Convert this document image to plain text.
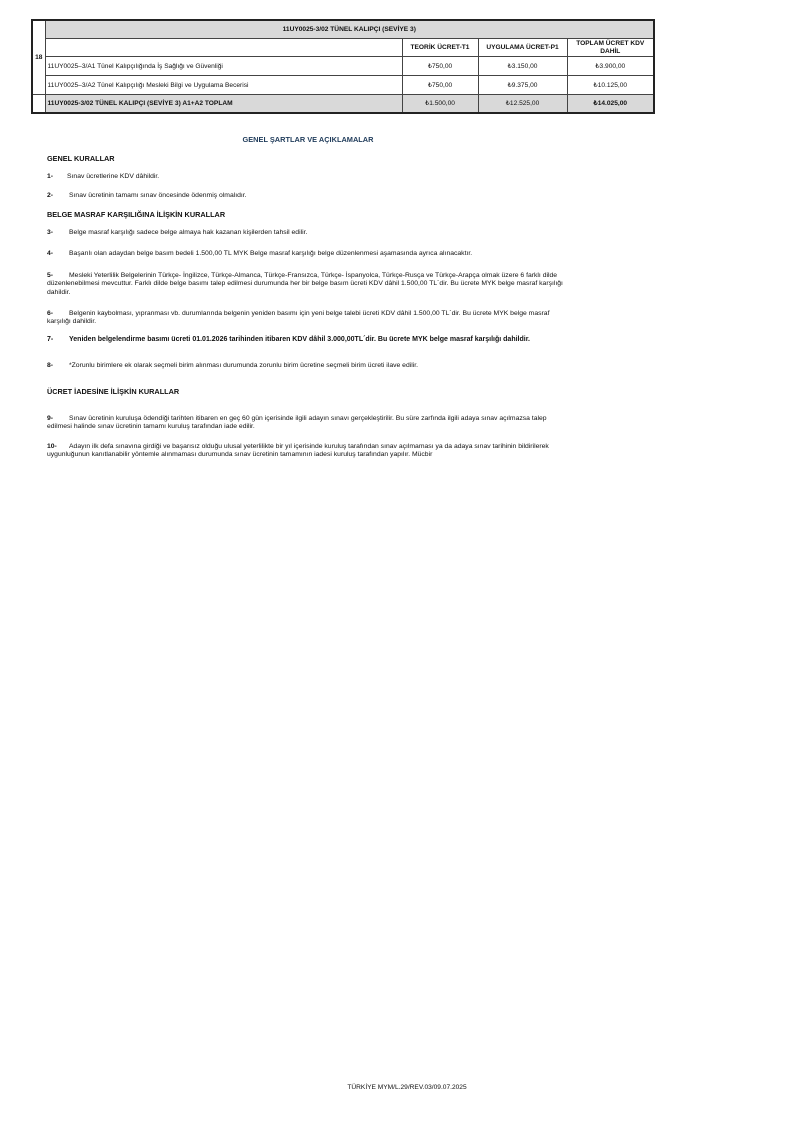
18	11UY0025-3/02 TÜNEL KALIPÇI (SEVİYE 3)			
		TEORİK ÜCRET-T1	UYGULAMA ÜCRET-P1	TOPLAM ÜCRET KDV DAHİL
	11UY0025–3/A1 Tünel Kalıpçılığında İş Sağlığı ve Güvenliği	₺750,00	₺3.150,00	₺3.900,00
	11UY0025–3/A2 Tünel Kalıpçılığı Mesleki Bilgi ve Uygulama Becerisi	₺750,00	₺9.375,00	₺10.125,00
	11UY0025-3/02 TÜNEL KALIPÇI (SEVİYE 3) A1+A2 TOPLAM	₺1.500,00	₺12.525,00	₺14.025,00
GENEL ŞARTLAR VE AÇIKLAMALAR
GENEL KURALLAR
1- Sınav ücretlerine KDV dâhildir.
2- Sınav ücretinin tamamı sınav öncesinde ödenmiş olmalıdır.
BELGE MASRAF KARŞILIĞINA İLİŞKİN KURALLAR
3- Belge masraf karşılığı sadece belge almaya hak kazanan kişilerden tahsil edilir.
4- Başarılı olan adaydan belge basım bedeli 1.500,00 TL MYK Belge masraf karşılığı belge düzenlenmesi aşamasında ayrıca alınacaktır.
5- Mesleki Yeterlilik Belgelerinin Türkçe- İngilizce, Türkçe-Almanca, Türkçe-Fransızca, Türkçe- İspanyolca, Türkçe-Rusça ve Türkçe-Arapça olmak üzere 6 farklı dilde düzenlenebilmesi mevcuttur. Farklı dilde belge basımı talep edilmesi durumunda her bir belge basım ücreti KDV dâhil 1.500,00 TL´dir. Bu ücrete MYK belge masraf karşılığı dahildir.
6- Belgenin kaybolması, yıpranması vb. durumlarında belgenin yeniden basımı için yeni belge talebi ücreti KDV dâhil 1.500,00 TL´dir. Bu ücrete MYK belge masraf karşılığı dahildir.
7- Yeniden belgelendirme basımı ücreti 01.01.2026 tarihinden itibaren KDV dâhil 3.000,00TL´dir. Bu ücrete MYK belge masraf karşılığı dahildir.
8- *Zorunlu birimlere ek olarak seçmeli birim alınması durumunda zorunlu birim ücretine seçmeli birim ücreti ilave edilir.
ÜCRET İADESİNE İLİŞKİN KURALLAR
9- Sınav ücretinin kuruluşa ödendiği tarihten itibaren en geç 60 gün içerisinde ilgili adayın sınavı gerçekleştirilir. Bu süre zarfında ilgili adaya sınav açılmazsa talep edilmesi halinde sınav ücretinin tamamı kuruluş tarafından iade edilir.
10- Adayın ilk defa sınavına girdiği ve başarısız olduğu ulusal yeterlilikte bir yıl içerisinde kuruluş tarafından sınav açılmaması ya da adaya sınav tarihinin bildirilerek uygunluğunun kanıtlanabilir yöntemle alınmaması durumunda sınav ücretinin tamamının iadesi kuruluş tarafından yapılır. Mücbir
TÜRKİYE MYM/L.29/REV.03/09.07.2025
